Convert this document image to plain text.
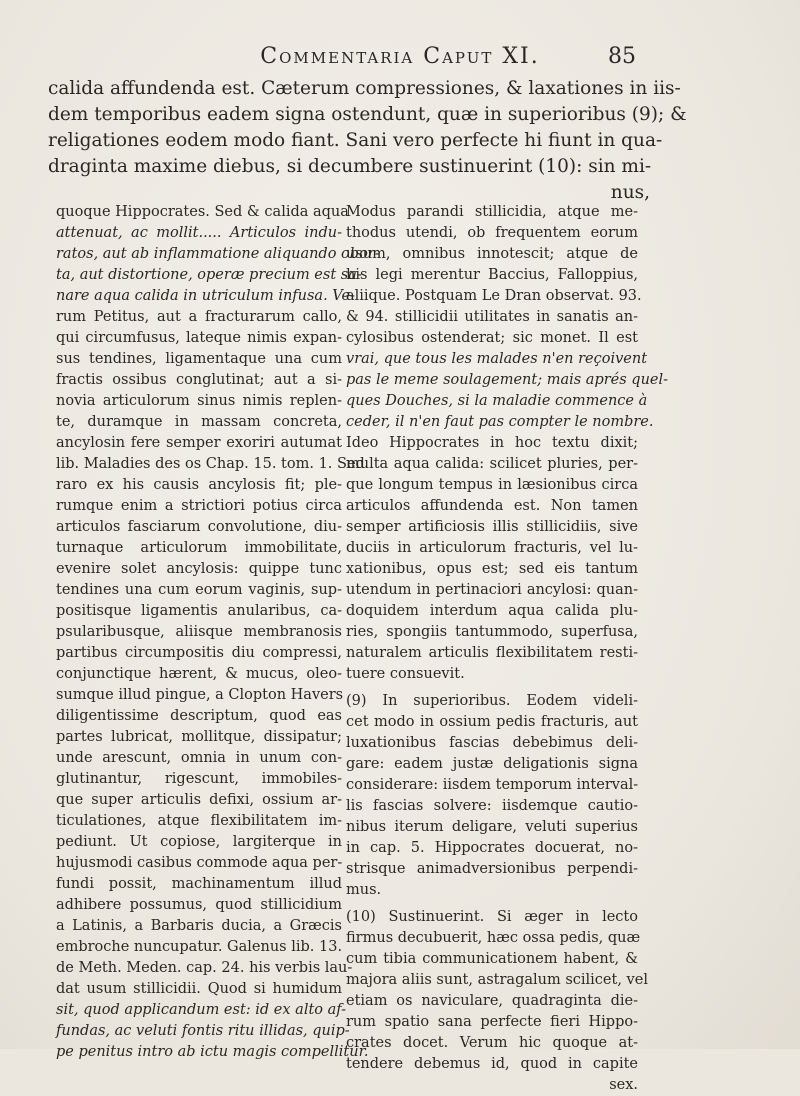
Commentaria Caput XI.	85
calida affundenda est. Cæterum compressiones, & laxationes in iis-
dem temporibus eadem signa ostendunt, quæ in superioribus (9); &
religationes eodem modo fiant. Sani vero perfecte hi fiunt in qua-
draginta maxime diebus, si decumbere sustinuerint (10): sin mi-
nus,
quoque Hippocrates. Sed & calida aqua
attenuat, ac mollit..... Articulos indu-
ratos, aut ab inflammatione aliquando obor-
ta, aut distortione, operæ precium est sa-
nare aqua calida in utriculum infusa. Ve-
rum Petitus, aut a fracturarum callo,
qui circumfusus, lateque nimis expan-
sus tendines, ligamentaque una cum
fractis ossibus conglutinat; aut a si-
novia articulorum sinus nimis replen-
te, duramque in massam concreta,
ancylosin fere semper exoriri autumat
lib. Maladies des os Chap. 15. tom. 1. Sed
raro ex his causis ancylosis fit; ple-
rumque enim a strictiori potius circa
articulos fasciarum convolutione, diu-
turnaque articulorum immobilitate,
evenire solet ancylosis: quippe tunc
tendines una cum eorum vaginis, sup-
positisque ligamentis anularibus, ca-
psularibusque, aliisque membranosis
partibus circumpositis diu compressi,
conjunctique hærent, & mucus, oleo-
sumque illud pingue, a Clopton Havers
diligentissime descriptum, quod eas
partes lubricat, mollitque, dissipatur;
unde arescunt, omnia in unum con-
glutinantur, rigescunt, immobiles-
que super articulis defixi, ossium ar-
ticulationes, atque flexibilitatem im-
pediunt. Ut copiose, largiterque in
hujusmodi casibus commode aqua per-
fundi possit, machinamentum illud
adhibere possumus, quod stillicidium
a Latinis, a Barbaris ducia, a Græcis
embroche nuncupatur. Galenus lib. 13.
de Meth. Meden. cap. 24. his verbis lau-
dat usum stillicidii. Quod si humidum
sit, quod applicandum est: id ex alto af-
fundas, ac veluti fontis ritu illidas, quip-
pe penitus intro ab ictu magis compellitur.
Modus parandi stillicidia, atque me-
thodus utendi, ob frequentem eorum
usum, omnibus innotescit; atque de
his legi merentur Baccius, Falloppius,
aliique. Postquam Le Dran observat. 93.
& 94. stillicidii utilitates in sanatis an-
cylosibus ostenderat; sic monet. Il est
vrai, que tous les malades n'en reçoivent
pas le meme soulagement; mais aprés quel-
ques Douches, si la maladie commence à
ceder, il n'en faut pas compter le nombre.
Ideo Hippocrates in hoc textu dixit;
multa aqua calida: scilicet pluries, per-
que longum tempus in læsionibus circa
articulos affundenda est. Non tamen
semper artificiosis illis stillicidiis, sive
duciis in articulorum fracturis, vel lu-
xationibus, opus est; sed eis tantum
utendum in pertinaciori ancylosi: quan-
doquidem interdum aqua calida plu-
ries, spongiis tantummodo, superfusa,
naturalem articulis flexibilitatem resti-
tuere consuevit.
(9) In superioribus. Eodem videli-
cet modo in ossium pedis fracturis, aut
luxationibus fascias debebimus deli-
gare: eadem justæ deligationis signa
considerare: iisdem temporum interval-
lis fascias solvere: iisdemque cautio-
nibus iterum deligare, veluti superius
in cap. 5. Hippocrates docuerat, no-
strisque animadversionibus perpendi-
mus.
(10) Sustinuerint. Si æger in lecto
firmus decubuerit, hæc ossa pedis, quæ
cum tibia communicationem habent, &
majora aliis sunt, astragalum scilicet, vel
etiam os naviculare, quadraginta die-
rum spatio sana perfecte fieri Hippo-
crates docet. Verum hic quoque at-
tendere debemus id, quod in capite
sex.
